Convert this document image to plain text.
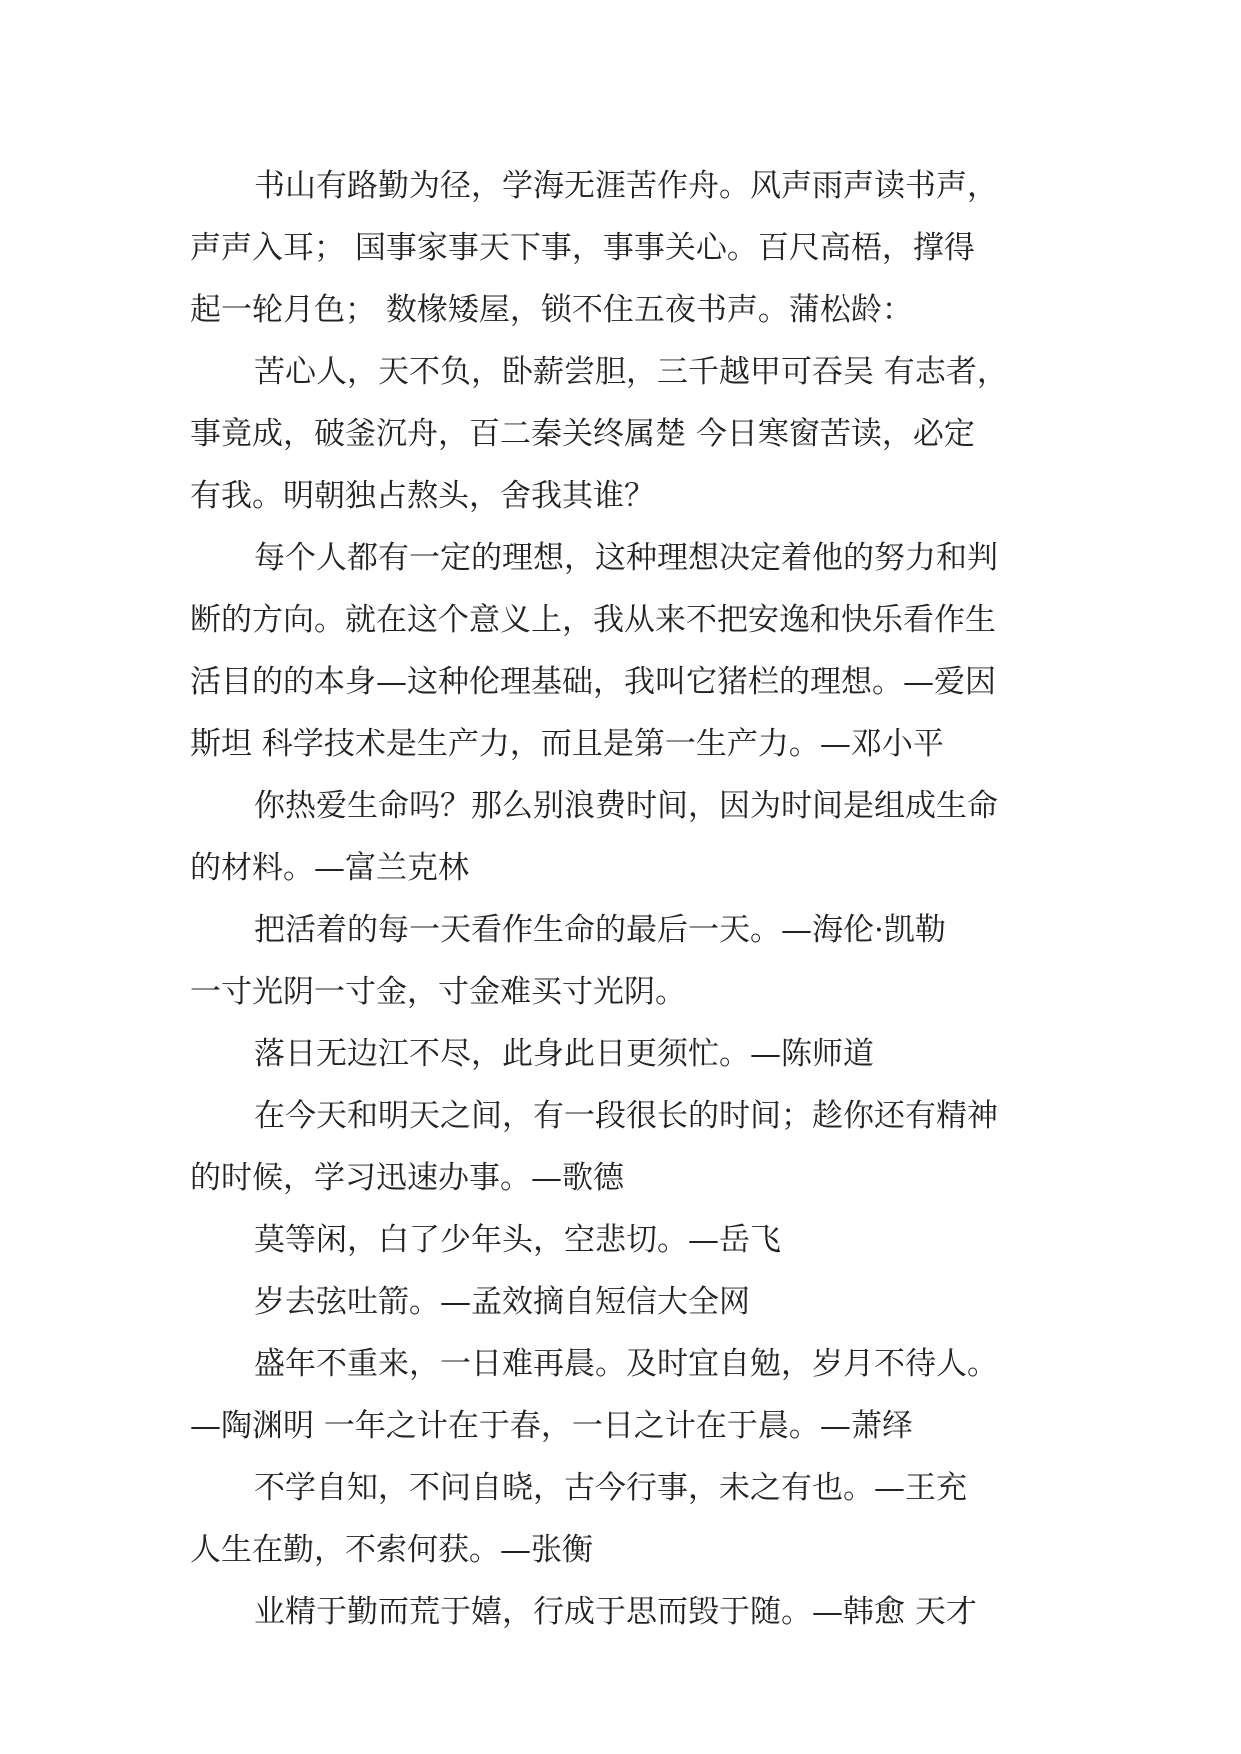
书山有路勤为径，学海无涯苦作舟。风声雨声读书声，
声声入耳； 国事家事天下事，事事关心。百尺高梧，撑得
起一轮月色； 数椽矮屋，锁不住五夜书声。蒲松龄：
苦心人，天不负，卧薪尝胆，三千越甲可吞吴 有志者，
事竟成，破釜沉舟，百二秦关终属楚 今日寒窗苦读，必定
有我。明朝独占熬头，舍我其谁？
每个人都有一定的理想，这种理想决定着他的努力和判
断的方向。就在这个意义上，我从来不把安逸和快乐看作生
活目的的本身—这种伦理基础，我叫它猪栏的理想。—爱因
斯坦 科学技术是生产力，而且是第一生产力。—邓小平
你热爱生命吗？那么别浪费时间，因为时间是组成生命
的材料。—富兰克林
把活着的每一天看作生命的最后一天。—海伦·凯勒
一寸光阴一寸金，寸金难买寸光阴。
落日无边江不尽，此身此日更须忙。—陈师道
在今天和明天之间，有一段很长的时间；趁你还有精神
的时候，学习迅速办事。—歌德
莫等闲，白了少年头，空悲切。—岳飞
岁去弦吐箭。—孟效摘自短信大全网
盛年不重来，一日难再晨。及时宜自勉，岁月不待人。
—陶渊明 一年之计在于春，一日之计在于晨。—萧绎
不学自知，不问自晓，古今行事，未之有也。—王充
人生在勤，不索何获。—张衡
业精于勤而荒于嬉，行成于思而毁于随。—韩愈 天才
